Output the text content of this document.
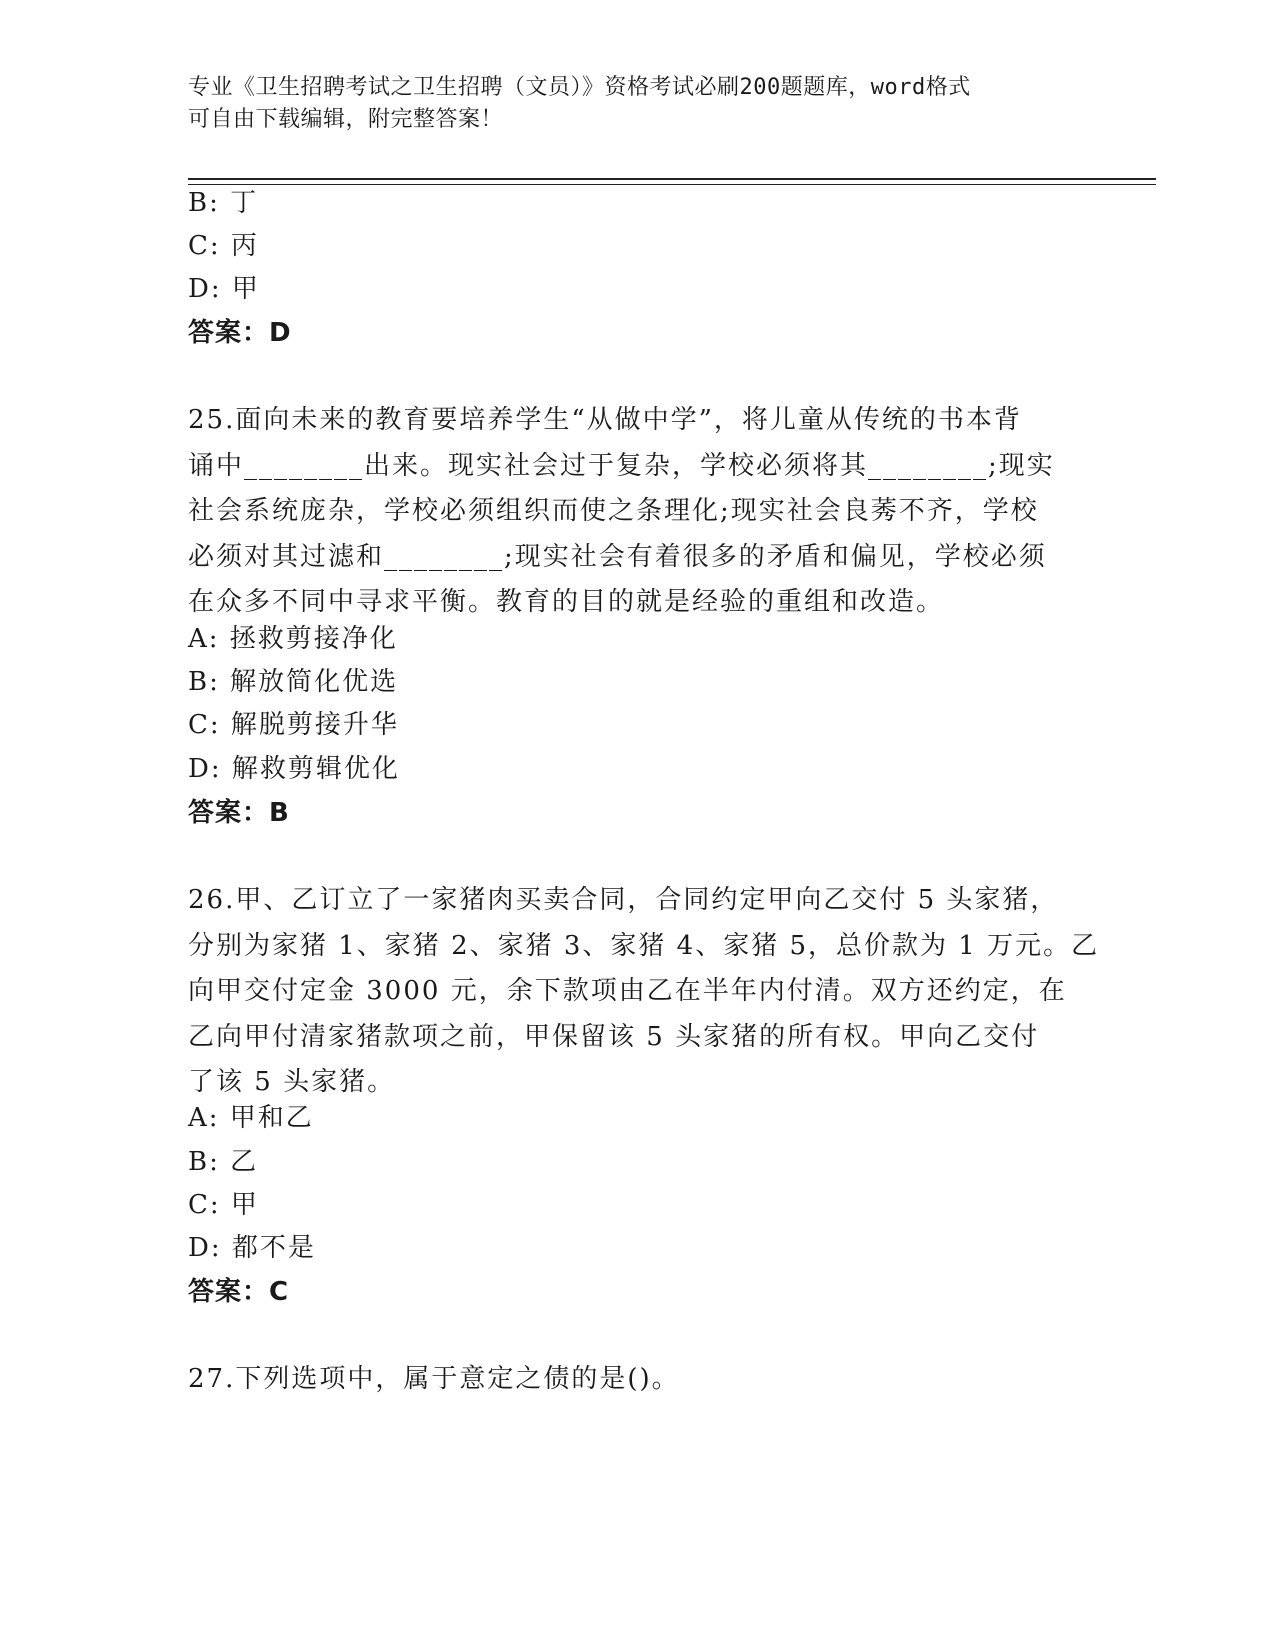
专业《卫生招聘考试之卫生招聘（文员）》资格考试必刷200题题库，word格式
可自由下载编辑，附完整答案！
B: 丁
C: 丙
D: 甲
答案：D
25.面向未来的教育要培养学生“从做中学”，将儿童从传统的书本背
诵中________出来。现实社会过于复杂，学校必须将其________;现实
社会系统庞杂，学校必须组织而使之条理化;现实社会良莠不齐，学校
必须对其过滤和________;现实社会有着很多的矛盾和偏见，学校必须
在众多不同中寻求平衡。教育的目的就是经验的重组和改造。
A: 拯救剪接净化
B: 解放简化优选
C: 解脱剪接升华
D: 解救剪辑优化
答案：B
26.甲、乙订立了一家猪肉买卖合同，合同约定甲向乙交付 5 头家猪，
分别为家猪 1、家猪 2、家猪 3、家猪 4、家猪 5，总价款为 1 万元。乙
向甲交付定金 3000 元，余下款项由乙在半年内付清。双方还约定，在
乙向甲付清家猪款项之前，甲保留该 5 头家猪的所有权。甲向乙交付
了该 5 头家猪。
A: 甲和乙
B: 乙
C: 甲
D: 都不是
答案：C
27.下列选项中，属于意定之债的是()。
